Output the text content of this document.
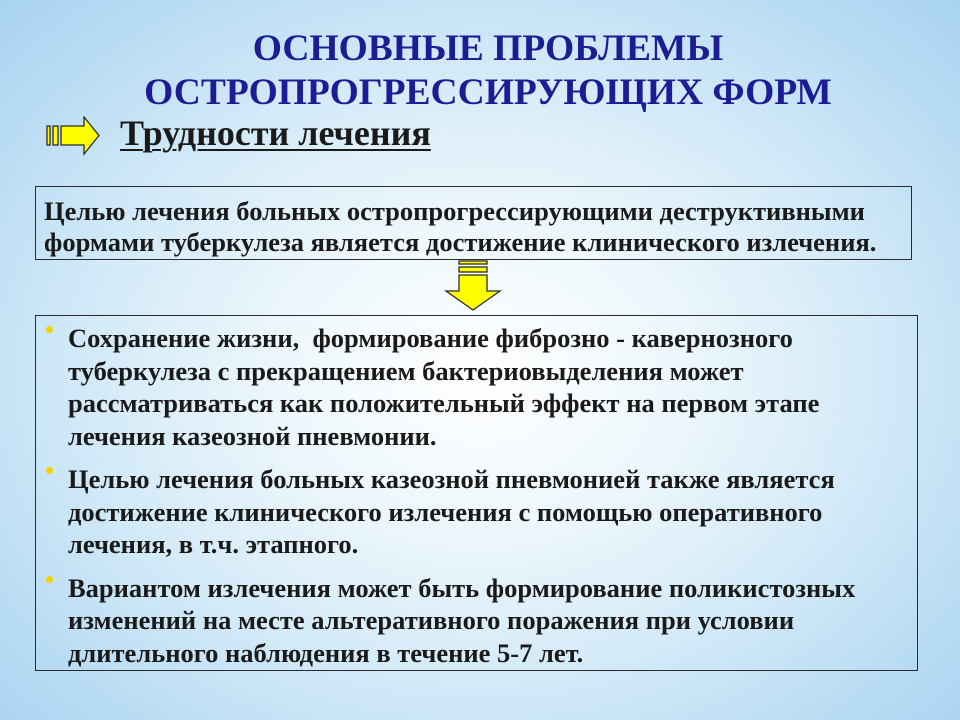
ОСНОВНЫЕ ПРОБЛЕМЫ
ОСТРОПРОГРЕССИРУЮЩИХ ФОРМ
Трудности лечения
Целью лечения больных остропрогрессирующими деструктивными
формами туберкулеза является достижение клинического излечения.
Сохранение жизни,  формирование фиброзно - кавернозного
туберкулеза с прекращением бактериовыделения может
рассматриваться как положительный эффект на первом этапе
лечения казеозной пневмонии.
Целью лечения больных казеозной пневмонией также является
достижение клинического излечения с помощью оперативного
лечения, в т.ч. этапного.
Вариантом излечения может быть формирование поликистозных
изменений на месте альтеративного поражения при условии
длительного наблюдения в течение 5-7 лет.
